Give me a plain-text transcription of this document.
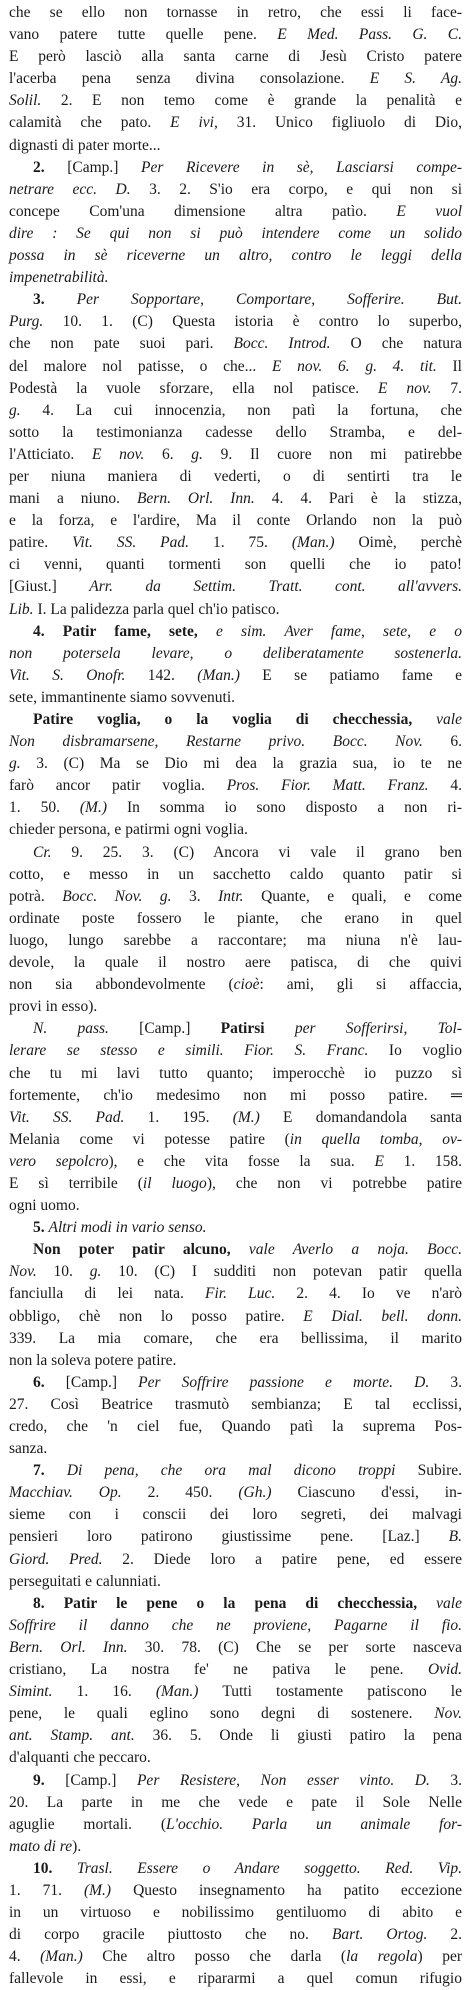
che se ello non tornasse in retro, che essi li face-
vano patere tutte quelle pene. E Med. Pass. G. C.
E però lasciò alla santa carne di Jesù Cristo patere
l'acerba pena senza divina consolazione. E S. Ag.
Solil. 2. E non temo come è grande la penalità e
calamità che pato. E ivi, 31. Unico figliuolo di Dio,
dignasti di pater morte...
2. [Camp.] Per Ricevere in sè, Lasciarsi compe-
netrare ecc. D. 3. 2. S'io era corpo, e qui non si
concepe Com'una dimensione altra patìo. E vuol
dire : Se qui non si può intendere come un solido
possa in sè riceverne un altro, contro le leggi della
impenetrabilità.
3. Per Sopportare, Comportare, Sofferire. But.
Purg. 10. 1. (C) Questa istoria è contro lo superbo,
che non pate suoi pari. Bocc. Introd. O che natura
del malore nol patisse, o che... E nov. 6. g. 4. tit. Il
Podestà la vuole sforzare, ella nol patisce. E nov. 7.
g. 4. La cui innocenzia, non patì la fortuna, che
sotto la testimonianza cadesse dello Stramba, e del-
l'Atticiato. E nov. 6. g. 9. Il cuore non mi patirebbe
per niuna maniera di vederti, o di sentirti tra le
mani a niuno. Bern. Orl. Inn. 4. 4. Pari è la stizza,
e la forza, e l'ardire, Ma il conte Orlando non la può
patire. Vit. SS. Pad. 1. 75. (Man.) Oimè, perchè
ci venni, quanti tormenti son quelli che io pato!
[Giust.] Arr. da Settim. Tratt. cont. all'avvers.
Lib. I. La palidezza parla quel ch'io patisco.
4. Patir fame, sete, e sim. Aver fame, sete, e o
non potersela levare, o deliberatamente sostenerla.
Vit. S. Onofr. 142. (Man.) E se patiamo fame e
sete, immantinente siamo sovvenuti.
Patire voglia, o la voglia di checchessia, vale
Non disbramarsene, Restarne privo. Bocc. Nov. 6.
g. 3. (C) Ma se Dio mi dea la grazia sua, io te ne
farò ancor patir voglia. Pros. Fior. Matt. Franz. 4.
1. 50. (M.) In somma io sono disposto a non ri-
chieder persona, e patirmi ogni voglia.
Cr. 9. 25. 3. (C) Ancora vi vale il grano ben
cotto, e messo in un sacchetto caldo quanto patir si
potrà. Bocc. Nov. g. 3. Intr. Quante, e quali, e come
ordinate poste fossero le piante, che erano in quel
luogo, lungo sarebbe a raccontare; ma niuna n'è lau-
devole, la quale il nostro aere patisca, di che quivi
non sia abbondevolmente (cioè: ami, gli si affaccia,
provi in esso).
N. pass. [Camp.] Patirsi per Sofferirsi, Tol-
lerare se stesso e simili. Fior. S. Franc. Io voglio
che tu mi lavi tutto quanto; imperocchè io puzzo sì
fortemente, ch'io medesimo non mi posso patire. ═
Vit. SS. Pad. 1. 195. (M.) E domandandola santa
Melania come vi potesse patire (in quella tomba, ov-
vero sepolcro), e che vita fosse la sua. E 1. 158.
E sì terribile (il luogo), che non vi potrebbe patire
ogni uomo.
5. Altri modi in vario senso.
Non poter patir alcuno, vale Averlo a noja. Bocc.
Nov. 10. g. 10. (C) I sudditi non potevan patir quella
fanciulla di lei nata. Fir. Luc. 2. 4. Io ve n'arò
obbligo, chè non lo posso patire. E Dial. bell. donn.
339. La mia comare, che era bellissima, il marito
non la soleva potere patire.
6. [Camp.] Per Soffrire passione e morte. D. 3.
27. Così Beatrice trasmutò sembianza; E tal ecclissi,
credo, che 'n ciel fue, Quando patì la suprema Pos-
sanza.
7. Di pena, che ora mal dicono troppi Subire.
Macchiav. Op. 2. 450. (Gh.) Ciascuno d'essi, in-
sieme con i conscii dei loro segreti, dei malvagi
pensieri loro patirono giustissime pene. [Laz.] B.
Giord. Pred. 2. Diede loro a patire pene, ed essere
perseguitati e calunniati.
8. Patir le pene o la pena di checchessia, vale
Soffrire il danno che ne proviene, Pagarne il fio.
Bern. Orl. Inn. 30. 78. (C) Che se per sorte nasceva
cristiano, La nostra fe' ne pativa le pene. Ovid.
Simint. 1. 16. (Man.) Tutti tostamente patiscono le
pene, le quali eglino sono degni di sostenere. Nov.
ant. Stamp. ant. 36. 5. Onde li giusti patiro la pena
d'alquanti che peccaro.
9. [Camp.] Per Resistere, Non esser vinto. D. 3.
20. La parte in me che vede e pate il Sole Nelle
aguglie mortali. (L'occhio. Parla un animale for-
mato di re).
10. Trasl. Essere o Andare soggetto. Red. Vip.
1. 71. (M.) Questo insegnamento ha patito eccezione
in un virtuoso e nobilissimo gentiluomo di abito e
di corpo gracile piuttosto che no. Bart. Ortog. 2.
4. (Man.) Che altro posso che darla (la regola) per
fallevole in essi, e ripararmi a quel comun rifugio
